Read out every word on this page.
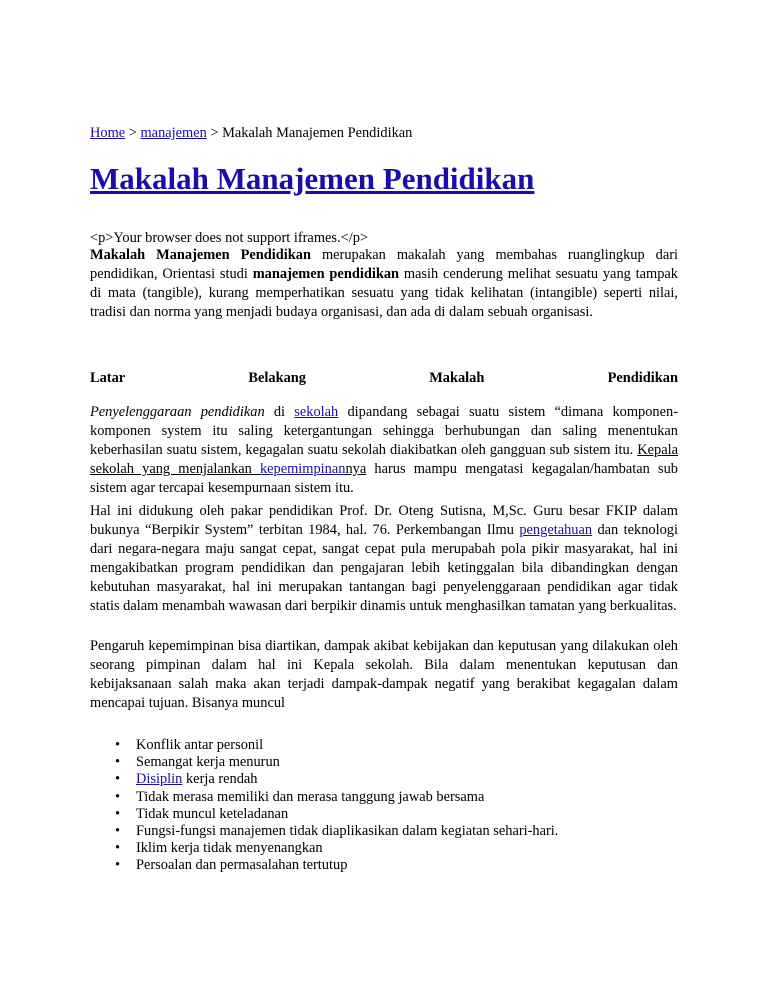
Home > manajemen > Makalah Manajemen Pendidikan
Makalah Manajemen Pendidikan
<p>Your browser does not support iframes.</p>

Makalah Manajemen Pendidikan merupakan makalah yang membahas ruanglingkup dari pendidikan, Orientasi studi manajemen pendidikan masih cenderung melihat sesuatu yang tampak di mata (tangible), kurang memperhatikan sesuatu yang tidak kelihatan (intangible) seperti nilai, tradisi dan norma yang menjadi budaya organisasi, dan ada di dalam sebuah organisasi.

Latar	Belakang	Makalah	Pendidikan

Penyelenggaraan pendidikan di sekolah dipandang sebagai suatu sistem “dimana komponen-komponen system itu saling ketergantungan sehingga berhubungan dan saling menentukan keberhasilan suatu sistem, kegagalan suatu sekolah diakibatkan oleh gangguan sub sistem itu. Kepala sekolah yang menjalankan kepemimpinannya harus mampu mengatasi kegagalan/hambatan sub sistem agar tercapai kesempurnaan sistem itu.

Hal ini didukung oleh pakar pendidikan Prof. Dr. Oteng Sutisna, M,Sc. Guru besar FKIP dalam bukunya “Berpikir System” terbitan 1984, hal. 76. Perkembangan Ilmu pengetahuan dan teknologi dari negara-negara maju sangat cepat, sangat cepat pula merupabah pola pikir masyarakat, hal ini mengakibatkan program pendidikan dan pengajaran lebih ketinggalan bila dibandingkan dengan kebutuhan masyarakat, hal ini merupakan tantangan bagi penyelenggaraan pendidikan agar tidak statis dalam menambah wawasan dari berpikir dinamis untuk menghasilkan tamatan yang berkualitas.

Pengaruh kepemimpinan bisa diartikan, dampak akibat kebijakan dan keputusan yang dilakukan oleh seorang pimpinan dalam hal ini Kepala sekolah. Bila dalam menentukan keputusan dan kebijaksanaan salah maka akan terjadi dampak-dampak negatif yang berakibat kegagalan dalam mencapai tujuan. Bisanya muncul

• Konflik antar personil
• Semangat kerja menurun
• Disiplin kerja rendah
• Tidak merasa memiliki dan merasa tanggung jawab bersama
• Tidak muncul keteladanan
• Fungsi-fungsi manajemen tidak diaplikasikan dalam kegiatan sehari-hari.
• Iklim kerja tidak menyenangkan
• Persoalan dan permasalahan tertutup
